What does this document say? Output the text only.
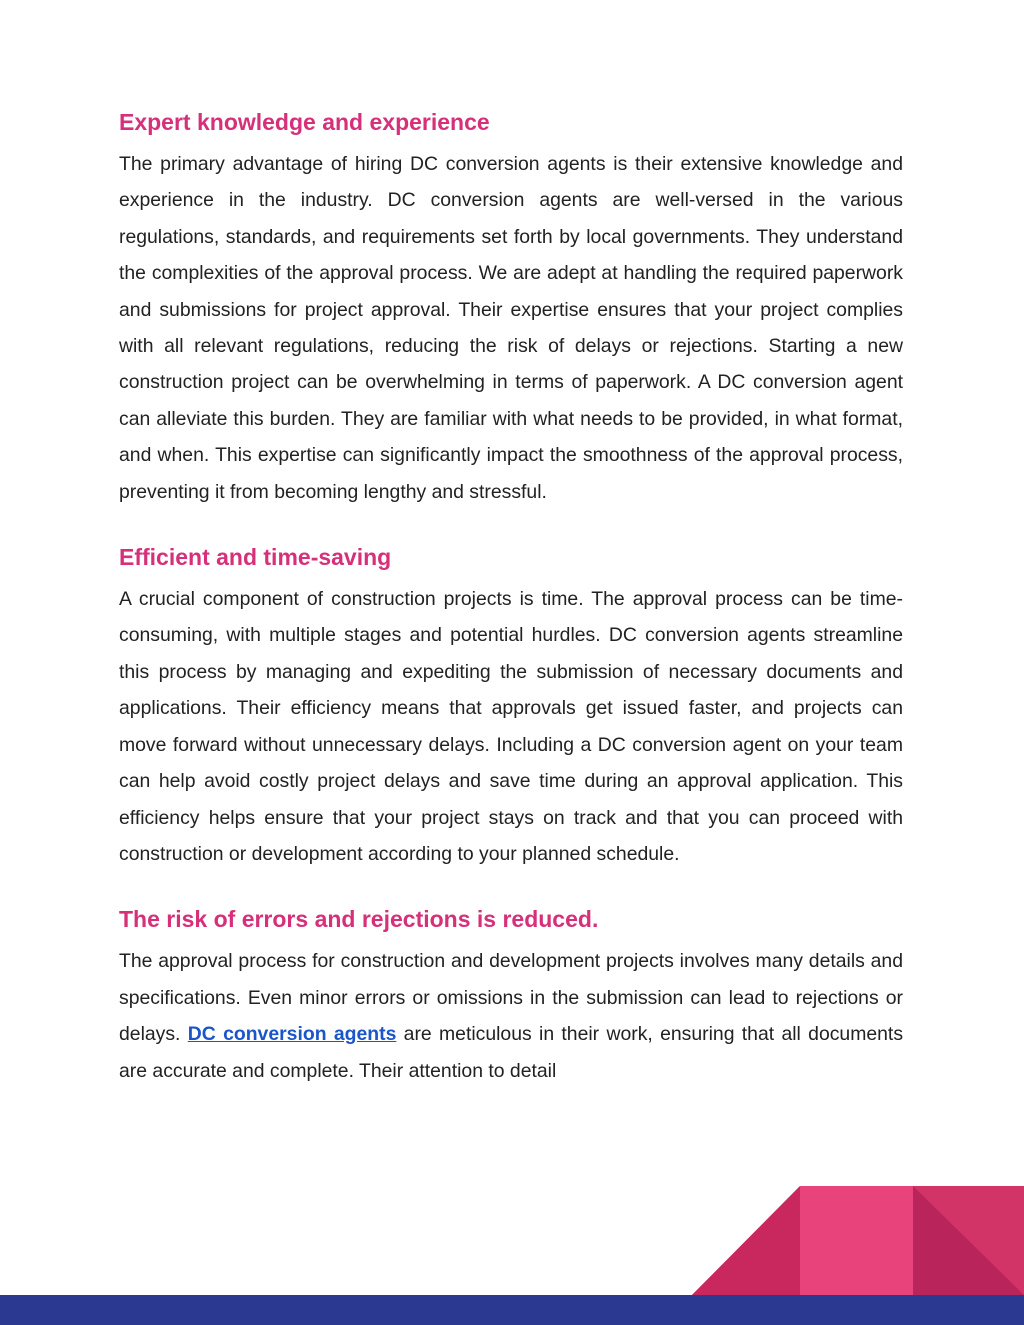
Expert knowledge and experience

The primary advantage of hiring DC conversion agents is their extensive knowledge and experience in the industry. DC conversion agents are well-versed in the various regulations, standards, and requirements set forth by local governments. They understand the complexities of the approval process. We are adept at handling the required paperwork and submissions for project approval. Their expertise ensures that your project complies with all relevant regulations, reducing the risk of delays or rejections. Starting a new construction project can be overwhelming in terms of paperwork. A DC conversion agent can alleviate this burden. They are familiar with what needs to be provided, in what format, and when. This expertise can significantly impact the smoothness of the approval process, preventing it from becoming lengthy and stressful.

Efficient and time-saving

A crucial component of construction projects is time. The approval process can be time-consuming, with multiple stages and potential hurdles. DC conversion agents streamline this process by managing and expediting the submission of necessary documents and applications. Their efficiency means that approvals get issued faster, and projects can move forward without unnecessary delays. Including a DC conversion agent on your team can help avoid costly project delays and save time during an approval application. This efficiency helps ensure that your project stays on track and that you can proceed with construction or development according to your planned schedule.

The risk of errors and rejections is reduced.

The approval process for construction and development projects involves many details and specifications. Even minor errors or omissions in the submission can lead to rejections or delays. DC conversion agents are meticulous in their work, ensuring that all documents are accurate and complete. Their attention to detail
